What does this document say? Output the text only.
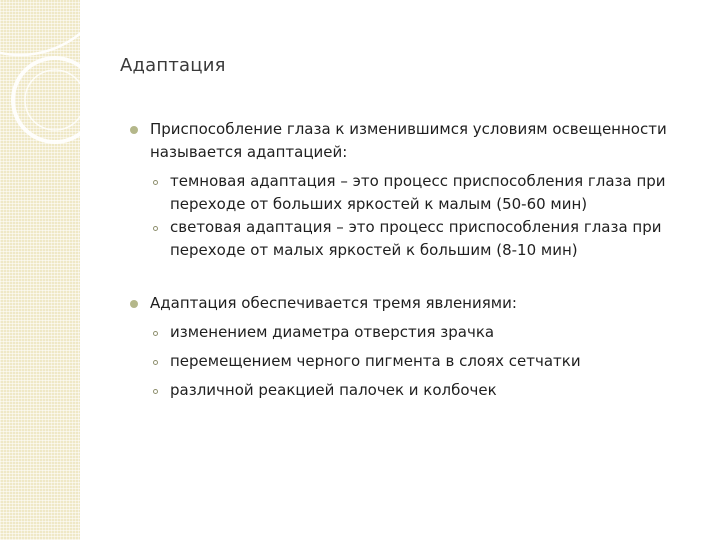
Адаптация
Приспособление глаза к изменившимся условиям освещенности называется адаптацией:
темновая адаптация – это процесс приспособления глаза при переходе от больших яркостей к малым (50-60 мин)
световая адаптация – это процесс приспособления глаза при переходе от малых яркостей к большим (8-10 мин)
Адаптация обеспечивается тремя явлениями:
изменением диаметра отверстия зрачка
перемещением черного пигмента в слоях сетчатки
различной реакцией палочек и колбочек
